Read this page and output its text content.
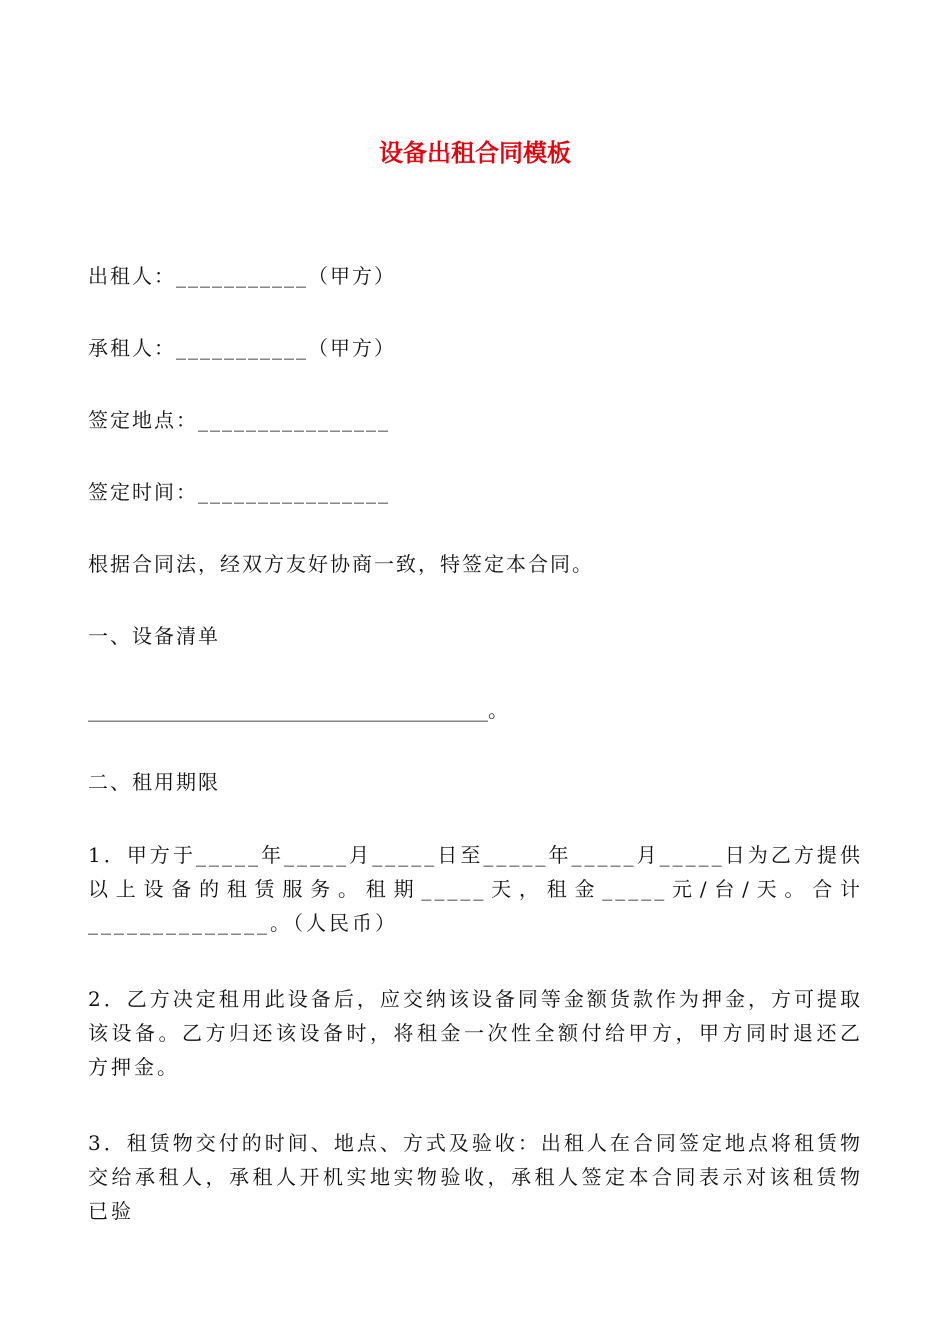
设备出租合同模板
出租人：___________（甲方）
承租人：___________（甲方）
签定地点：________________
签定时间：________________
根据合同法，经双方友好协商一致，特签定本合同。
一、设备清单
________________________________________。
二、租用期限
1．甲方于_____年_____月_____日至_____年_____月_____日为乙方提供以上设备的租赁服务。租期_____天，租金_____元/台/天。合计______________。（人民币）
2．乙方决定租用此设备后，应交纳该设备同等金额货款作为押金，方可提取该设备。乙方归还该设备时，将租金一次性全额付给甲方，甲方同时退还乙方押金。
3．租赁物交付的时间、地点、方式及验收：出租人在合同签定地点将租赁物交给承租人，承租人开机实地实物验收，承租人签定本合同表示对该租赁物已验
